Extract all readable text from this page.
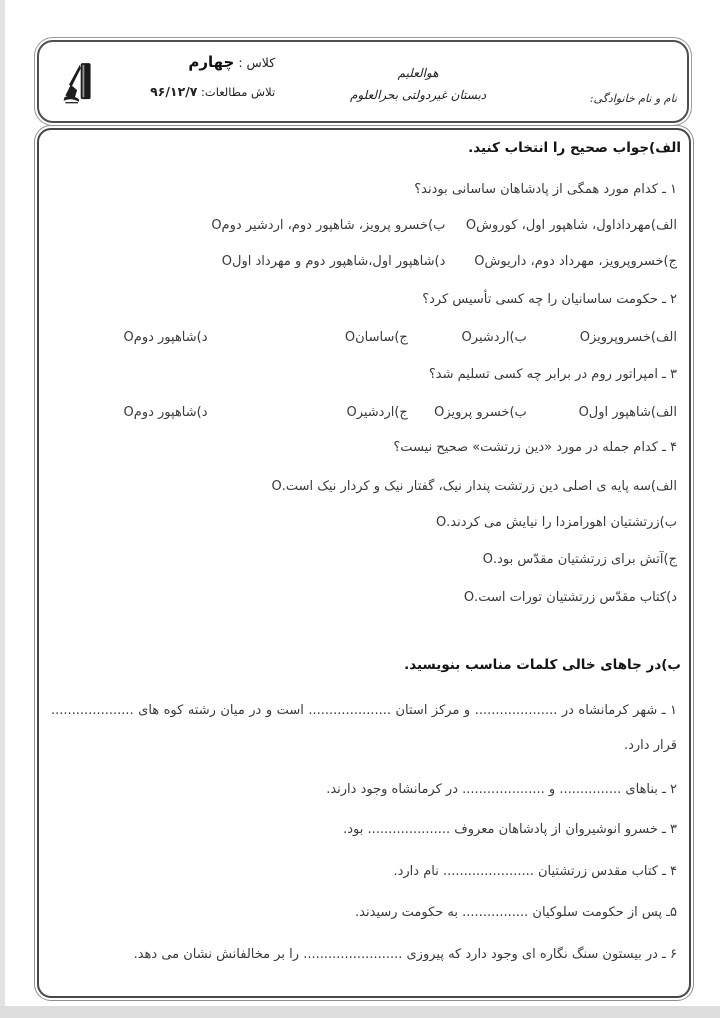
نام و نام خانوادگی:
هوالعلیم
دبستان غیردولتی بحرالعلوم
کلاس : چهارم
تلاش مطالعات: ۹۶/۱۲/۷
الف)جواب صحیح را انتخاب کنید.
۱ ـ کدام مورد همگی از پادشاهان ساسانی بودند؟
الف)مهرداداول، شاهپور اول، کوروشO
ب)خسرو پرویز، شاهپور دوم، اردشیر دومO
ج)خسروپرویز، مهرداد دوم، داریوشO
د)شاهپور اول،شاهپور دوم و مهرداد اولO
۲ ـ حکومت ساسانیان را چه کسی تأسیس کرد؟
الف)خسروپرویزO
ب)اردشیرO
ج)ساسانO
د)شاهپور دومO
۳ ـ امپراتور روم در برابر چه کسی تسلیم شد؟
الف)شاهپور اولO
ب)خسرو پرویزO
ج)اردشیرO
د)شاهپور دومO
۴ ـ کدام جمله در مورد «دین زرتشت» صحیح نیست؟
الف)سه پایه ی اصلی دین زرتشت پندار نیک، گفتار نیک و کردار نیک است.O
ب)زرتشتیان اهورامزدا را نیایش می کردند.O
ج)آتش برای زرتشتیان مقدّس بود.O
د)کتاب مقدّس زرتشتیان تورات است.O
ب)در جاهای خالی کلمات مناسب بنویسید.
۱ ـ شهر کرمانشاه در .................... و مرکز استان .................... است و در میان رشته کوه های .................... قرار دارد.
۲ ـ بناهای ............... و .................... در کرمانشاه وجود دارند.
۳ ـ خسرو انوشیروان از پادشاهان معروف .................... بود.
۴ ـ کتاب مقدس زرتشتیان ...................... نام دارد.
۵ـ پس از حکومت سلوکیان ................ به حکومت رسیدند.
۶ ـ در بیستون سنگ نگاره ای وجود دارد که پیروزی ........................ را بر مخالفانش نشان می دهد.
